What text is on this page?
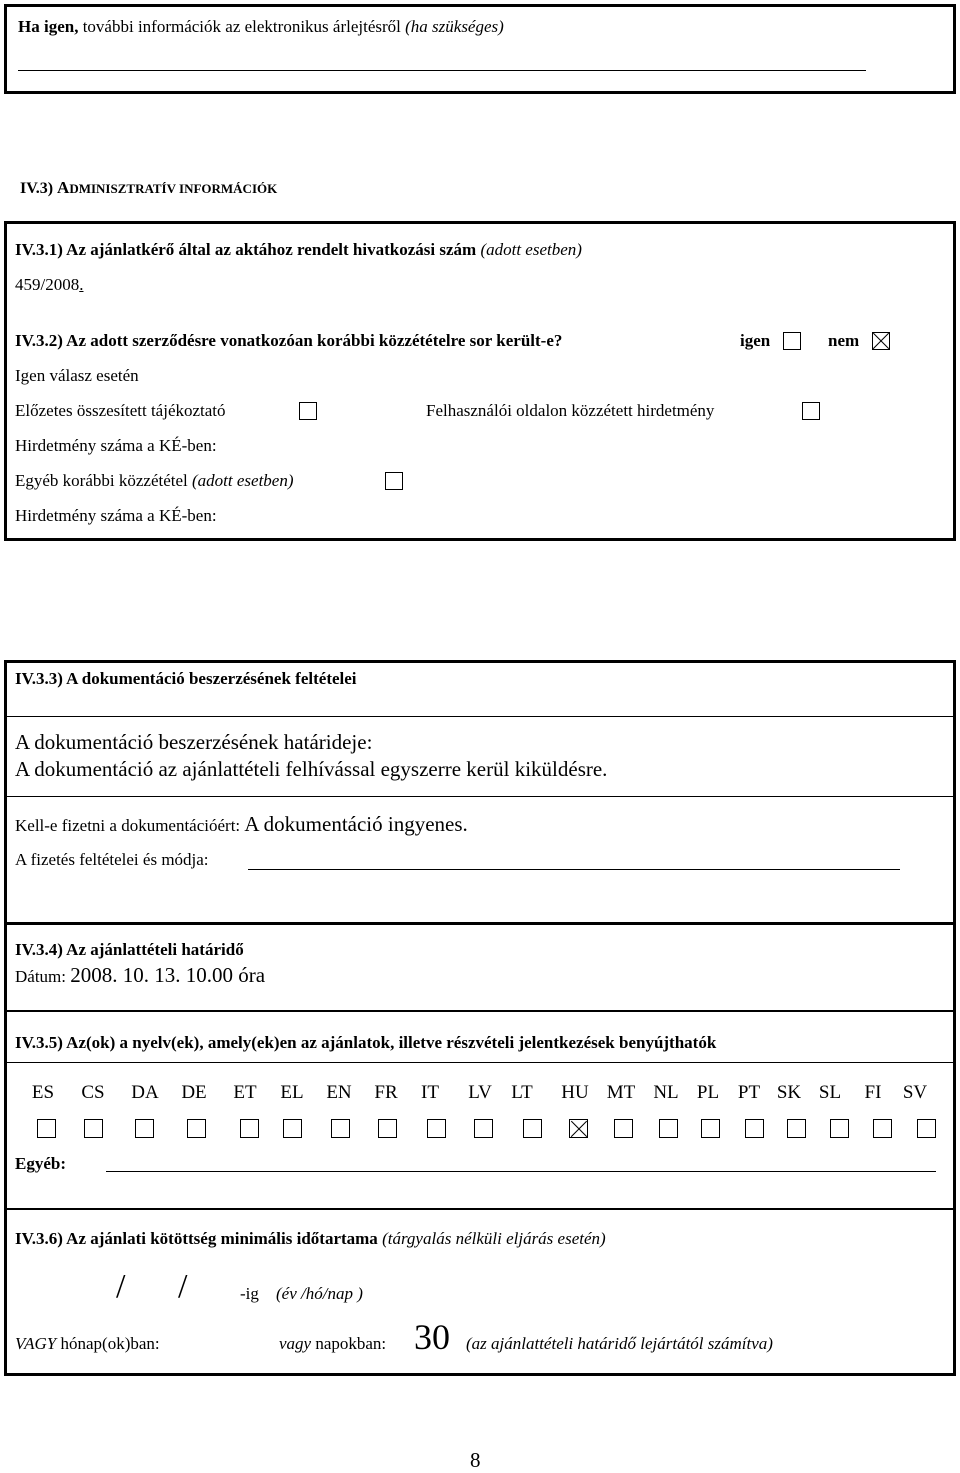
Ha igen, további információk az elektronikus árlejtésről (ha szükséges)
IV.3) ADMINISZTRATÍV INFORMÁCIÓK
IV.3.1) Az ajánlatkérő által az aktához rendelt hivatkozási szám (adott esetben)
459/2008.
IV.3.2) Az adott szerződésre vonatkozóan korábbi közzétételre sor került-e?	igen	nem
Igen válasz esetén
Előzetes összesített tájékoztató	Felhasználói oldalon közzétett hirdetmény
Hirdetmény száma a KÉ-ben:
Egyéb korábbi közzététel (adott esetben)
Hirdetmény száma a KÉ-ben:
IV.3.3) A dokumentáció beszerzésének feltételei
A dokumentáció beszerzésének határideje:
A dokumentáció az ajánlattételi felhívással egyszerre kerül kiküldésre.
Kell-e fizetni a dokumentációért: A dokumentáció ingyenes.
A fizetés feltételei és módja:
IV.3.4) Az ajánlattételi határidő
Dátum: 2008. 10. 13. 10.00 óra
IV.3.5) Az(ok) a nyelv(ek), amely(ek)en az ajánlatok, illetve részvételi jelentkezések benyújthatók
ES	CS DA DE ET EL EN FR	IT	LV	LT	HU MT NL PL PT SK SL	FI	SV
Egyéb:
IV.3.6) Az ajánlati kötöttség minimális időtartama (tárgyalás nélküli eljárás esetén)
/ /	-ig (év /hó/nap )
VAGY hónap(ok)ban:	vagy napokban: 30 (az ajánlattételi határidő lejártától számítva)
8
